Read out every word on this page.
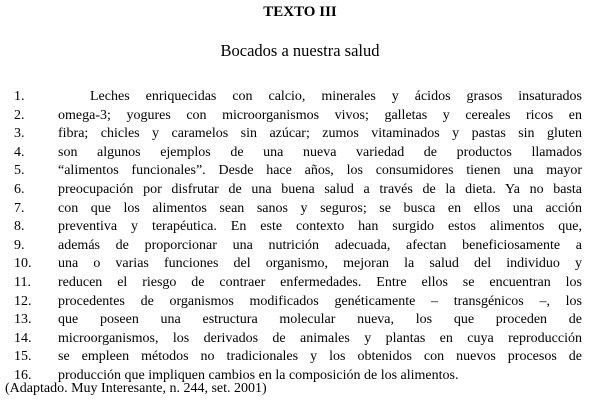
TEXTO III
Bocados a nuestra salud
1.	Leches enriquecidas con calcio, minerales y ácidos grasos insaturados
2.	omega-3; yogures con microorganismos vivos; galletas y cereales ricos en
3.	fibra; chicles y caramelos sin azúcar; zumos vitaminados y pastas sin gluten
4.	son algunos ejemplos de una nueva variedad de productos llamados
5.	“alimentos funcionales”. Desde hace años, los consumidores tienen una mayor
6.	preocupación por disfrutar de una buena salud a través de la dieta. Ya no basta
7.	con que los alimentos sean sanos y seguros; se busca en ellos una acción
8.	preventiva y terapéutica. En este contexto han surgido estos alimentos que,
9.	además de proporcionar una nutrición adecuada, afectan beneficiosamente a
10.	una o varias funciones del organismo, mejoran la salud del individuo y
11.	reducen el riesgo de contraer enfermedades. Entre ellos se encuentran los
12.	procedentes de organismos modificados genéticamente – transgénicos –, los
13.	que poseen una estructura molecular nueva, los que proceden de
14.	microorganismos, los derivados de animales y plantas en cuya reproducción
15.	se empleen métodos no tradicionales y los obtenidos con nuevos procesos de
16.	producción que impliquen cambios en la composición de los alimentos.
(Adaptado. Muy Interesante, n. 244, set. 2001)
